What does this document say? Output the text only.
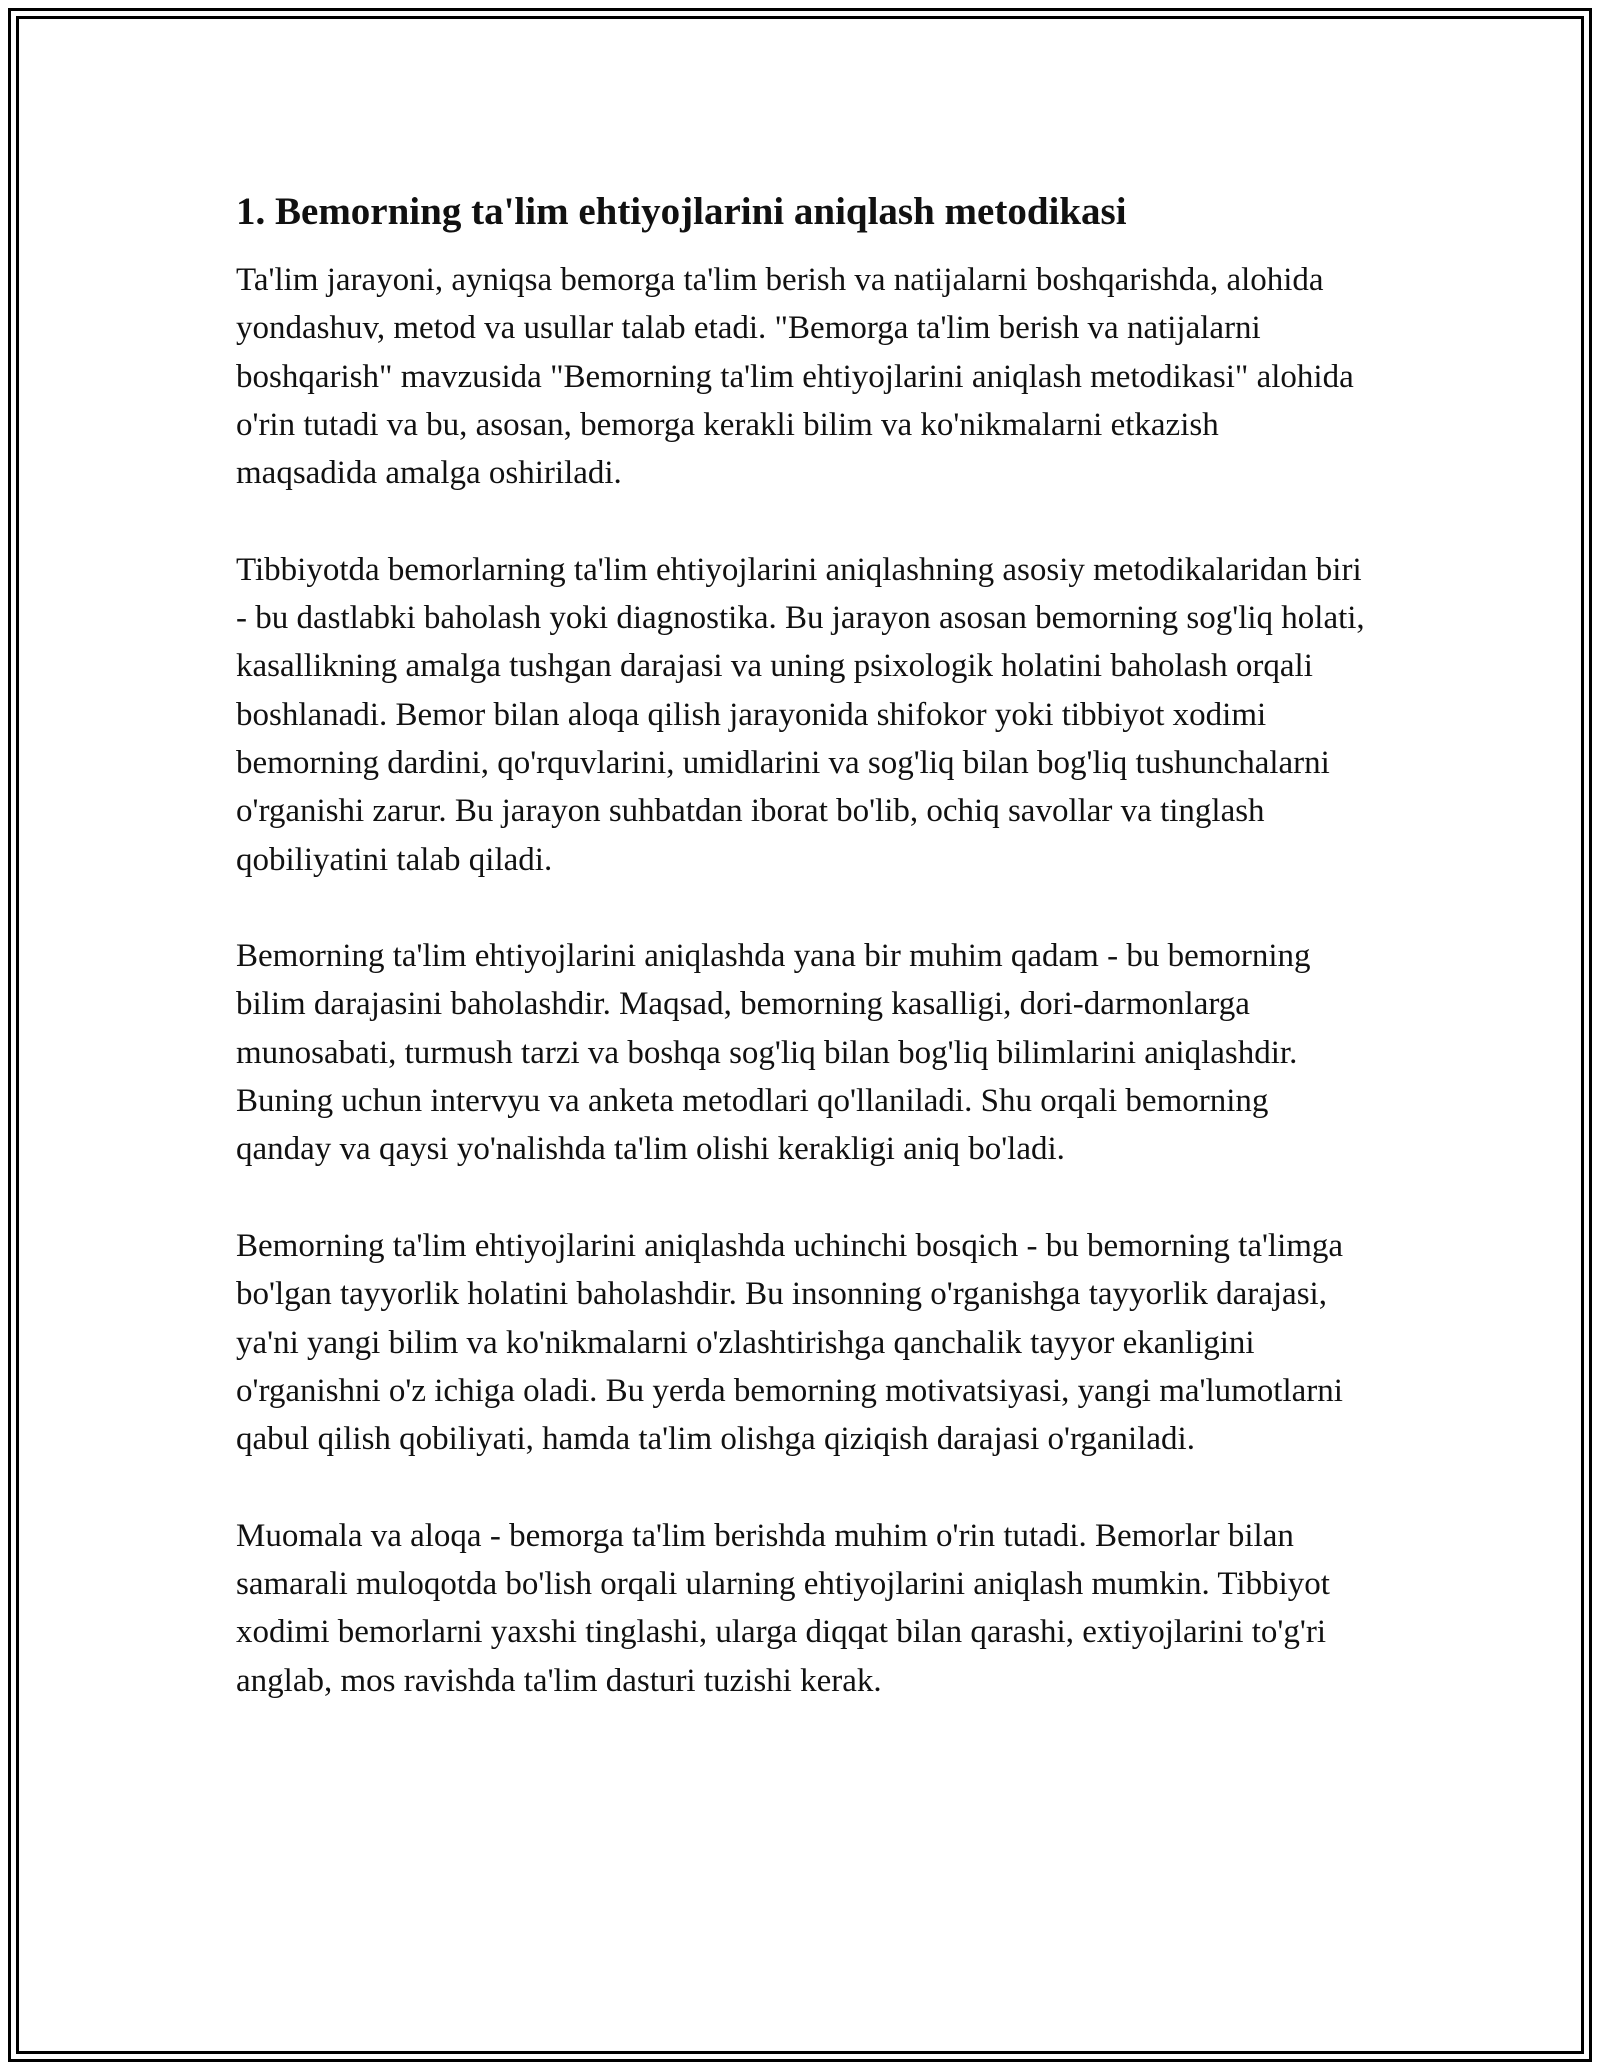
1. Bemorning ta'lim ehtiyojlarini aniqlash metodikasi

Ta'lim jarayoni, ayniqsa bemorga ta'lim berish va natijalarni boshqarishda, alohida yondashuv, metod va usullar talab etadi. "Bemorga ta'lim berish va natijalarni boshqarish" mavzusida "Bemorning ta'lim ehtiyojlarini aniqlash metodikasi" alohida o'rin tutadi va bu, asosan, bemorga kerakli bilim va ko'nikmalarni etkazish maqsadida amalga oshiriladi.

Tibbiyotda bemorlarning ta'lim ehtiyojlarini aniqlashning asosiy metodikalaridan biri - bu dastlabki baholash yoki diagnostika. Bu jarayon asosan bemorning sog'liq holati, kasallikning amalga tushgan darajasi va uning psixologik holatini baholash orqali boshlanadi. Bemor bilan aloqa qilish jarayonida shifokor yoki tibbiyot xodimi bemorning dardini, qo'rquvlarini, umidlarini va sog'liq bilan bog'liq tushunchalarni o'rganishi zarur. Bu jarayon suhbatdan iborat bo'lib, ochiq savollar va tinglash qobiliyatini talab qiladi.

Bemorning ta'lim ehtiyojlarini aniqlashda yana bir muhim qadam - bu bemorning bilim darajasini baholashdir. Maqsad, bemorning kasalligi, dori-darmonlarga munosabati, turmush tarzi va boshqa sog'liq bilan bog'liq bilimlarini aniqlashdir. Buning uchun intervyu va anketa metodlari qo'llaniladi. Shu orqali bemorning qanday va qaysi yo'nalishda ta'lim olishi kerakligi aniq bo'ladi.

Bemorning ta'lim ehtiyojlarini aniqlashda uchinchi bosqich - bu bemorning ta'limga bo'lgan tayyorlik holatini baholashdir. Bu insonning o'rganishga tayyorlik darajasi, ya'ni yangi bilim va ko'nikmalarni o'zlashtirishga qanchalik tayyor ekanligini o'rganishni o'z ichiga oladi. Bu yerda bemorning motivatsiyasi, yangi ma'lumotlarni qabul qilish qobiliyati, hamda ta'lim olishga qiziqish darajasi o'rganiladi.

Muomala va aloqa - bemorga ta'lim berishda muhim o'rin tutadi. Bemorlar bilan samarali muloqotda bo'lish orqali ularning ehtiyojlarini aniqlash mumkin. Tibbiyot xodimi bemorlarni yaxshi tinglashi, ularga diqqat bilan qarashi, extiyojlarini to'g'ri anglab, mos ravishda ta'lim dasturi tuzishi kerak.
